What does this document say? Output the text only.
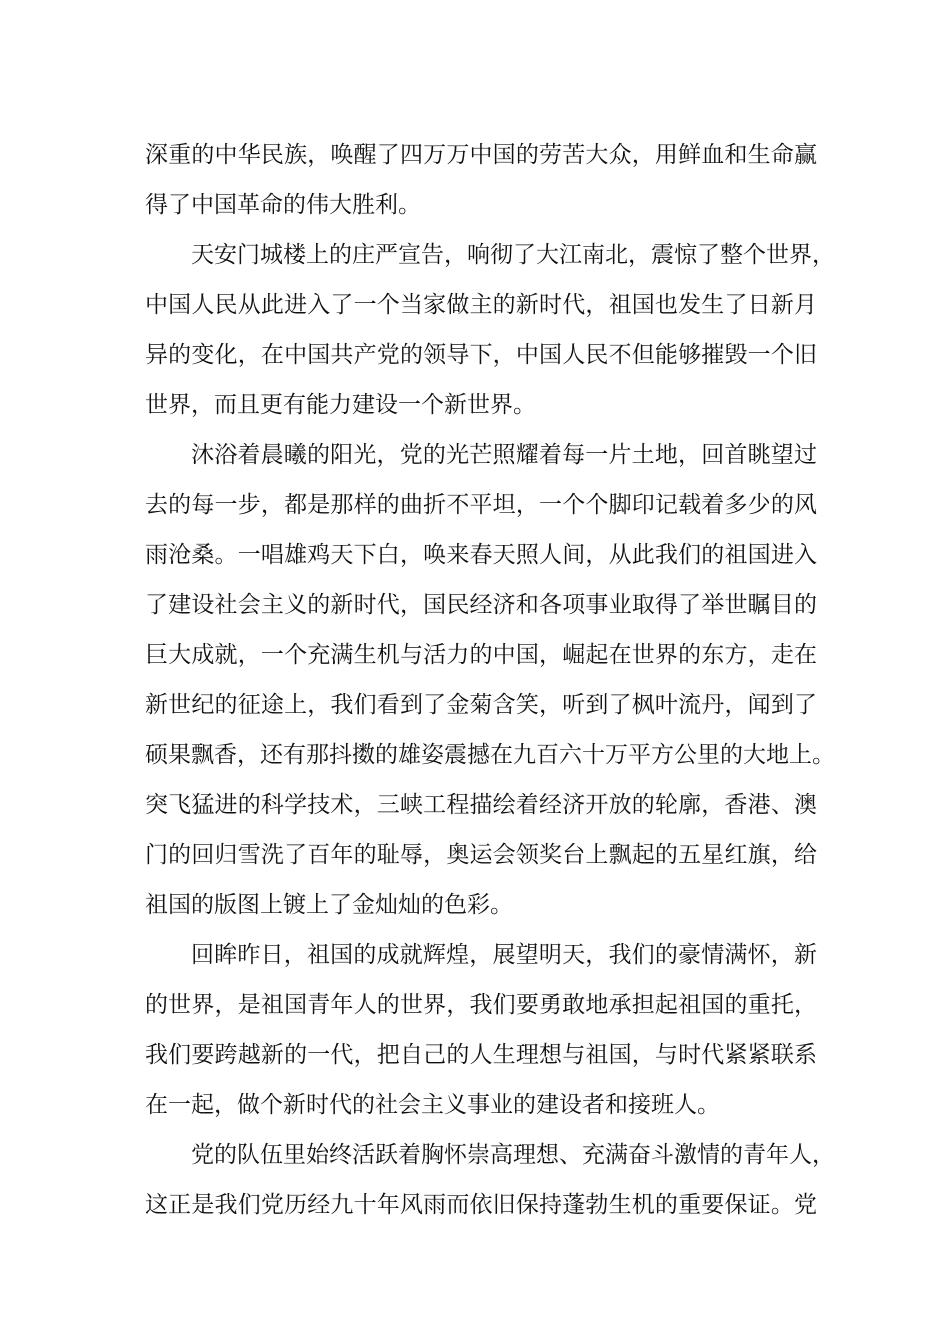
深重的中华民族，唤醒了四万万中国的劳苦大众，用鲜血和生命赢
得了中国革命的伟大胜利。
天安门城楼上的庄严宣告，响彻了大江南北，震惊了整个世界，
中国人民从此进入了一个当家做主的新时代，祖国也发生了日新月
异的变化，在中国共产党的领导下，中国人民不但能够摧毁一个旧
世界，而且更有能力建设一个新世界。
沐浴着晨曦的阳光，党的光芒照耀着每一片土地，回首眺望过
去的每一步，都是那样的曲折不平坦，一个个脚印记载着多少的风
雨沧桑。一唱雄鸡天下白，唤来春天照人间，从此我们的祖国进入
了建设社会主义的新时代，国民经济和各项事业取得了举世瞩目的
巨大成就，一个充满生机与活力的中国，崛起在世界的东方，走在
新世纪的征途上，我们看到了金菊含笑，听到了枫叶流丹，闻到了
硕果飘香，还有那抖擞的雄姿震撼在九百六十万平方公里的大地上。
突飞猛进的科学技术，三峡工程描绘着经济开放的轮廓，香港、澳
门的回归雪洗了百年的耻辱，奥运会领奖台上飘起的五星红旗，给
祖国的版图上镀上了金灿灿的色彩。
回眸昨日，祖国的成就辉煌，展望明天，我们的豪情满怀，新
的世界，是祖国青年人的世界，我们要勇敢地承担起祖国的重托，
我们要跨越新的一代，把自己的人生理想与祖国，与时代紧紧联系
在一起，做个新时代的社会主义事业的建设者和接班人。
党的队伍里始终活跃着胸怀崇高理想、充满奋斗激情的青年人，
这正是我们党历经九十年风雨而依旧保持蓬勃生机的重要保证。党
